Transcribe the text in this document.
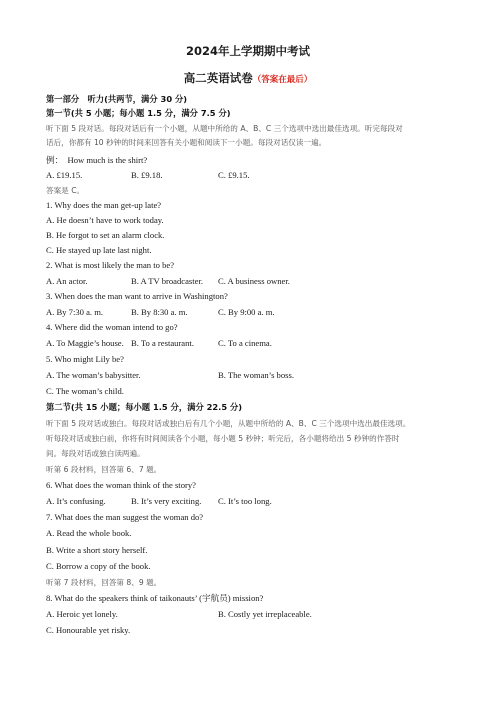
2024年上学期期中考试
高二英语试卷（答案在最后）
第一部分　听力(共两节，满分 30 分)
第一节(共 5 小题；每小题 1.5 分，满分 7.5 分)
听下面 5 段对话。每段对话后有一个小题，从题中所给的 A、B、C 三个选项中选出最佳选项。听完每段对
话后，你都有 10 秒钟的时间来回答有关小题和阅读下一小题。每段对话仅读一遍。
例：　How much is the shirt?
A. £19.15.	B. £9.18.	C. £9.15.
答案是 C。
1. Why does the man get-up late?
A. He doesn’t have to work today.
B. He forgot to set an alarm clock.
C. He stayed up late last night.
2. What is most likely the man to be?
A. An actor.	B. A TV broadcaster. C. A business owner.
3. When does the man want to arrive in Washington?
A. By 7:30 a. m.	B. By 8:30 a. m.	C. By 9:00 a. m.
4. Where did the woman intend to go?
A. To Maggie’s house. B. To a restaurant.	C. To a cinema.
5. Who might Lily be?
A. The woman’s babysitter.	B. The woman’s boss.
C. The woman’s child.
第二节(共 15 小题；每小题 1.5 分，满分 22.5 分)
听下面 5 段对话或独白。每段对话或独白后有几个小题，从题中所给的 A、B、C 三个选项中选出最佳选项。
听每段对话或独白前，你将有时间阅读各个小题，每小题 5 秒钟；听完后，各小题将给出 5 秒钟的作答时
间。每段对话或独白读两遍。
听第 6 段材料，回答第 6、7 题。
6. What does the woman think of the story?
A. It’s confusing.	B. It’s very exciting. C. It’s too long.
7. What does the man suggest the woman do?
A. Read the whole book.
B. Write a short story herself.
C. Borrow a copy of the book.
听第 7 段材料，回答第 8、9 题。
8. What do the speakers think of taikonauts’ (宇航员) mission?
A. Heroic yet lonely.	B. Costly yet irreplaceable.
C. Honourable yet risky.
